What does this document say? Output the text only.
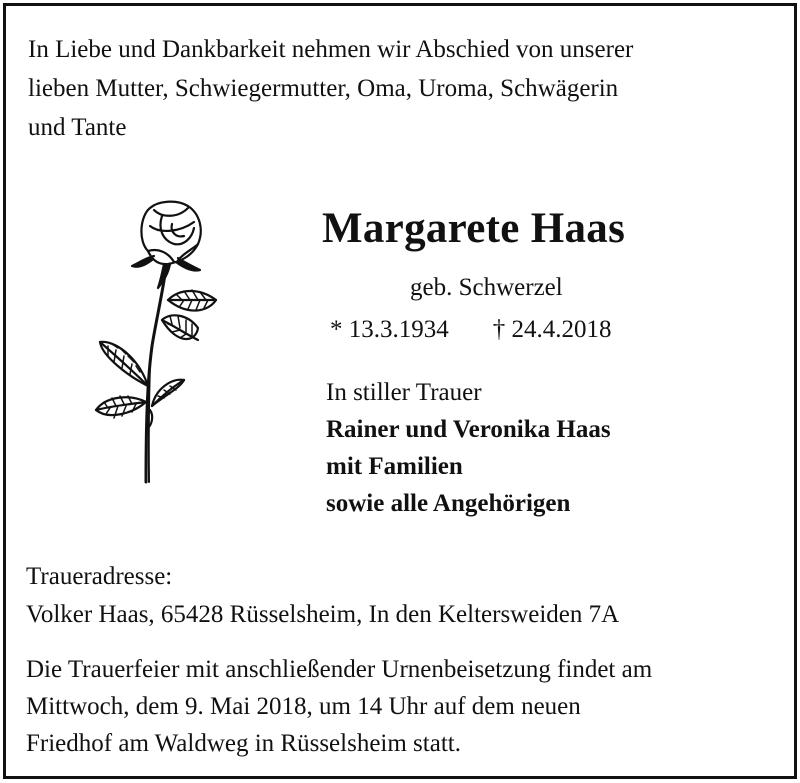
In Liebe und Dankbarkeit nehmen wir Abschied von unserer

lieben Mutter, Schwiegermutter, Oma, Uroma, Schwägerin

und Tante

Margarete Haas
geb. Schwerzel
* 13.3.1934 † 24.4.2018

In stiller Trauer

Rainer und Veronika Haas

mit Familien

sowie alle Angehörigen

Traueradresse:

Volker Haas, 65428 Rüsselsheim, In den Keltersweiden 7A

Die Trauerfeier mit anschließender Urnenbeisetzung findet am

Mittwoch, dem 9. Mai 2018, um 14 Uhr auf dem neuen

Friedhof am Waldweg in Rüsselsheim statt.
